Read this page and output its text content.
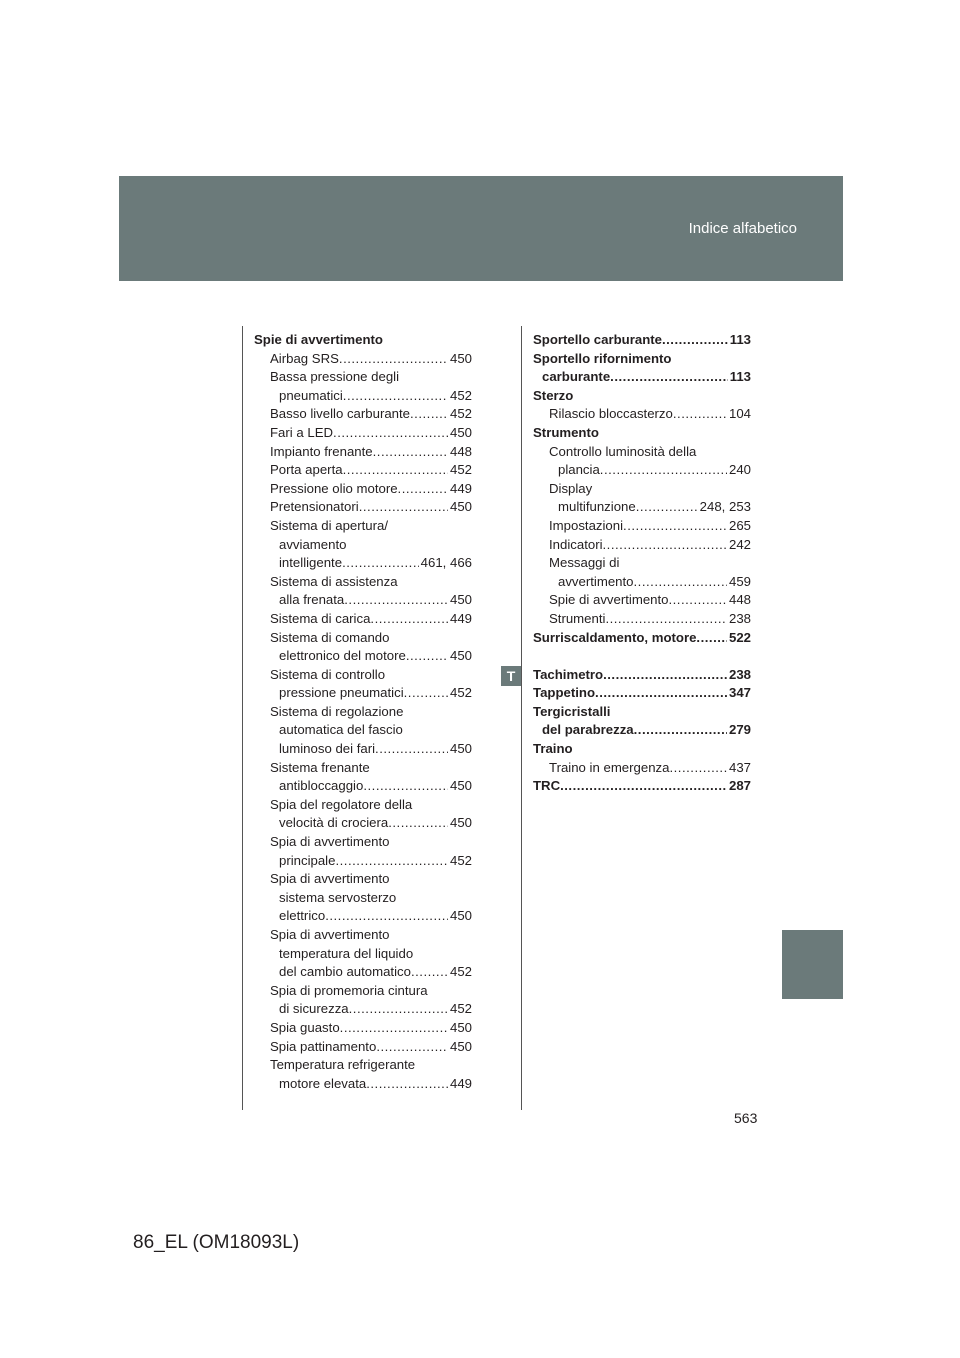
Indice alfabetico
Spie di avvertimento
Airbag SRS .....	450
Bassa pressione degli
pneumatici .....	452
Basso livello carburante .....	452
Fari a LED .....	450
Impianto frenante .....	448
Porta aperta .....	452
Pressione olio motore .....	449
Pretensionatori .....	450
Sistema di apertura/
avviamento
intelligente .....	461, 466
Sistema di assistenza
alla frenata .....	450
Sistema di carica .....	449
Sistema di comando
elettronico del motore .....	450
Sistema di controllo
pressione pneumatici .....	452
Sistema di regolazione
automatica del fascio
luminoso dei fari .....	450
Sistema frenante
antibloccaggio .....	450
Spia del regolatore della
velocità di crociera .....	450
Spia di avvertimento
principale .....	452
Spia di avvertimento
sistema servosterzo
elettrico .....	450
Spia di avvertimento
temperatura del liquido
del cambio automatico .....	452
Spia di promemoria cintura
di sicurezza .....	452
Spia guasto .....	450
Spia pattinamento .....	450
Temperatura refrigerante
motore elevata .....	449
Sportello carburante .....	113
Sportello rifornimento
carburante .....	113
Sterzo
Rilascio bloccasterzo .....	104
Strumento
Controllo luminosità della
plancia .....	240
Display
multifunzione .....	248, 253
Impostazioni .....	265
Indicatori .....	242
Messaggi di
avvertimento .....	459
Spie di avvertimento .....	448
Strumenti .....	238
Surriscaldamento, motore ..... 522
Tachimetro .....	238
Tappetino .....	347
Tergicristalli
del parabrezza .....	279
Traino
Traino in emergenza .....	437
TRC .....	287
T
563
86_EL (OM18093L)
